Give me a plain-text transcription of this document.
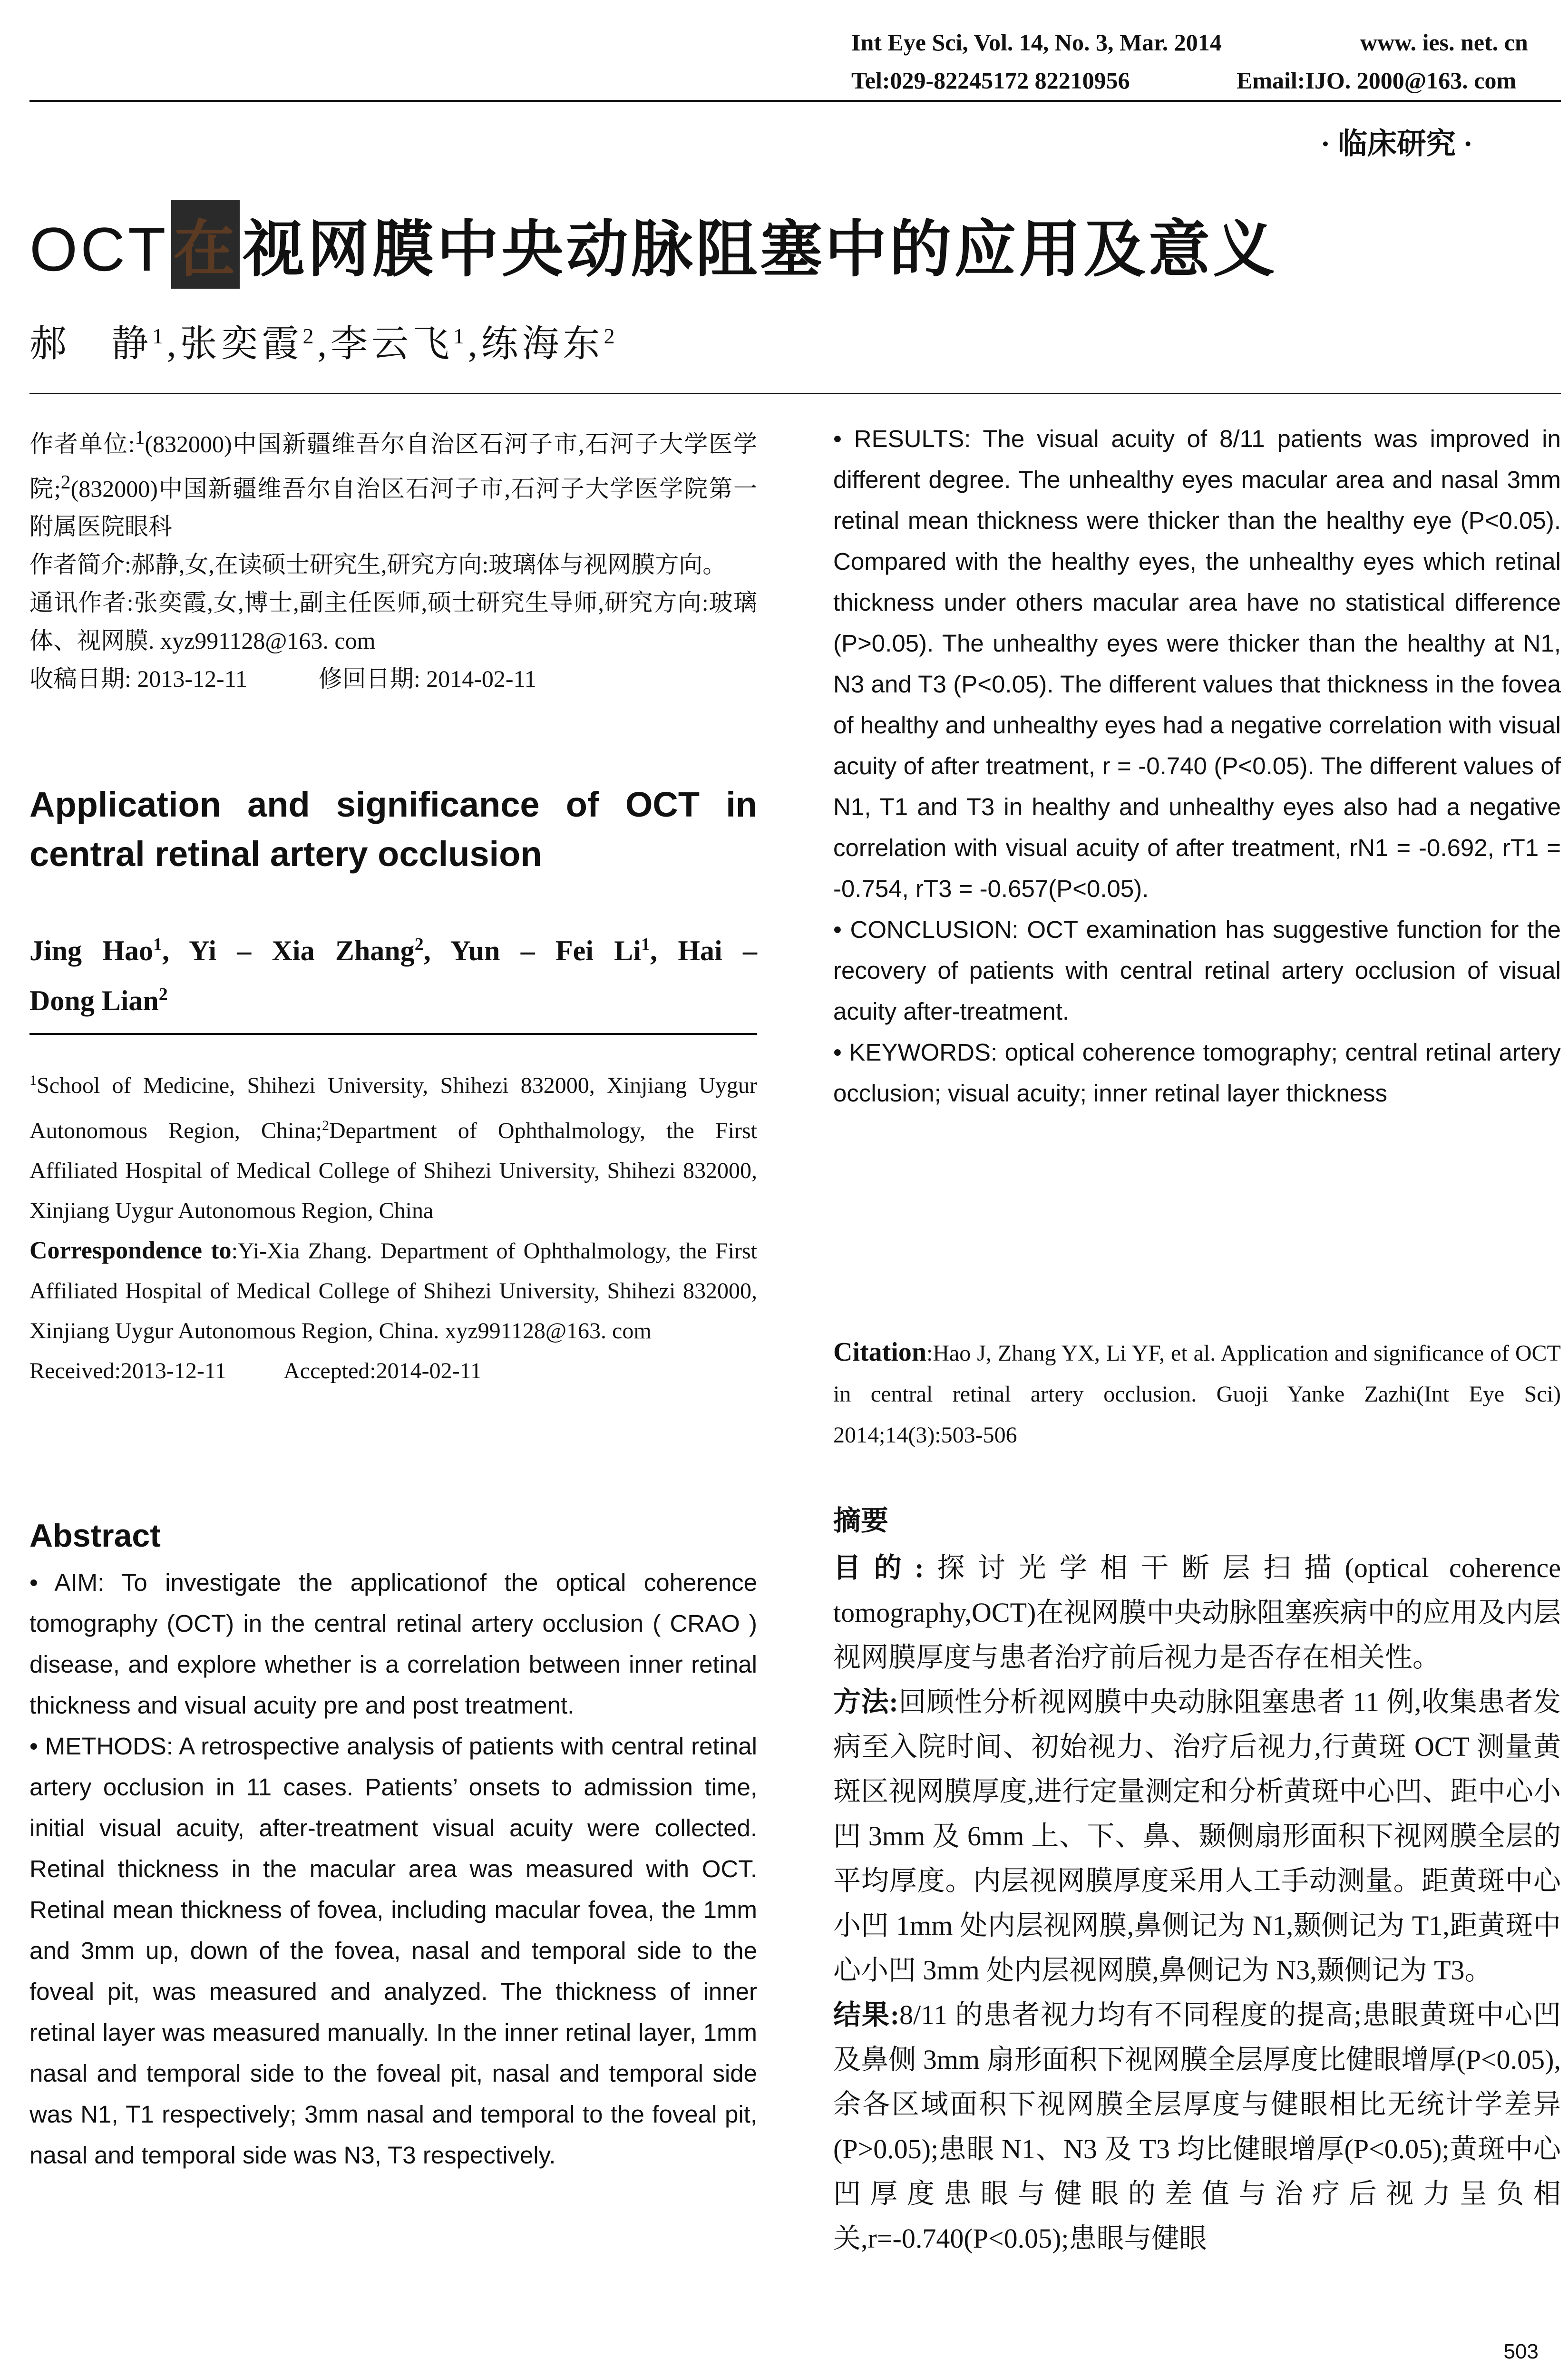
Int Eye Sci, Vol. 14, No. 3, Mar. 2014	www. ies. net. cn
Tel:029-82245172 82210956	Email:IJO. 2000@163. com
· 临床研究 ·
OCT在视网膜中央动脉阻塞中的应用及意义
郝　静$^1$,张奕霞$^2$,李云飞$^1$,练海东$^2$

作者单位:$^1$(832000)中国新疆维吾尔自治区石河子市,石河子大学医学院;$^2$(832000)中国新疆维吾尔自治区石河子市,石河子大学医学院第一附属医院眼科

作者简介:郝静,女,在读硕士研究生,研究方向:玻璃体与视网膜方向。

通讯作者:张奕霞,女,博士,副主任医师,硕士研究生导师,研究方向:玻璃体、视网膜. xyz991128@163. com

收稿日期: 2013-12-11	修回日期: 2014-02-11

Application and significance of OCT in
central retinal artery occlusion
Jing Hao$^1$, Yi – Xia Zhang$^2$, Yun – Fei Li$^1$, Hai –
Dong Lian$^2$
$^1$School of Medicine, Shihezi University, Shihezi 832000, Xinjiang Uygur Autonomous Region, China;$^2$Department of Ophthalmology, the First Affiliated Hospital of Medical College of Shihezi University, Shihezi 832000, Xinjiang Uygur Autonomous Region, China
Correspondence to:Yi-Xia Zhang. Department of Ophthalmology, the First Affiliated Hospital of Medical College of Shihezi University, Shihezi 832000, Xinjiang Uygur Autonomous Region, China. xyz991128@163. com
Received:2013-12-11	Accepted:2014-02-11
Abstract

• AIM: To investigate the applicationof the optical coherence tomography (OCT) in the central retinal artery occlusion ( CRAO ) disease, and explore whether is a correlation between inner retinal thickness and visual acuity pre and post treatment.

• METHODS: A retrospective analysis of patients with central retinal artery occlusion in 11 cases. Patients’ onsets to admission time, initial visual acuity, after-treatment visual acuity were collected. Retinal thickness in the macular area was measured with OCT. Retinal mean thickness of fovea, including macular fovea, the 1mm and 3mm up, down of the fovea, nasal and temporal side to the foveal pit, was measured and analyzed. The thickness of inner retinal layer was measured manually. In the inner retinal layer, 1mm nasal and temporal side to the foveal pit, nasal and temporal side was N1, T1 respectively; 3mm nasal and temporal to the foveal pit, nasal and temporal side was N3, T3 respectively.

• RESULTS: The visual acuity of 8/11 patients was improved in different degree. The unhealthy eyes macular area and nasal 3mm retinal mean thickness were thicker than the healthy eye (P<0.05). Compared with the healthy eyes, the unhealthy eyes which retinal thickness under others macular area have no statistical difference (P>0.05). The unhealthy eyes were thicker than the healthy at N1, N3 and T3 (P<0.05). The different values that thickness in the fovea of healthy and unhealthy eyes had a negative correlation with visual acuity of after treatment, r = -0.740 (P<0.05). The different values of N1, T1 and T3 in healthy and unhealthy eyes also had a negative correlation with visual acuity of after treatment, rN1 = -0.692, rT1 = -0.754, rT3 = -0.657(P<0.05).

• CONCLUSION: OCT examination has suggestive function for the recovery of patients with central retinal artery occlusion of visual acuity after-treatment.

• KEYWORDS: optical coherence tomography; central retinal artery occlusion; visual acuity; inner retinal layer thickness

Citation:Hao J, Zhang YX, Li YF, et al. Application and significance of OCT in central retinal artery occlusion. Guoji Yanke Zazhi(Int Eye Sci) 2014;14(3):503-506
摘要

目的:探讨光学相干断层扫描(optical coherence tomography,OCT)在视网膜中央动脉阻塞疾病中的应用及内层视网膜厚度与患者治疗前后视力是否存在相关性。

方法:回顾性分析视网膜中央动脉阻塞患者 11 例,收集患者发病至入院时间、初始视力、治疗后视力,行黄斑 OCT 测量黄斑区视网膜厚度,进行定量测定和分析黄斑中心凹、距中心小凹 3mm 及 6mm 上、下、鼻、颞侧扇形面积下视网膜全层的平均厚度。内层视网膜厚度采用人工手动测量。距黄斑中心小凹 1mm 处内层视网膜,鼻侧记为 N1,颞侧记为 T1,距黄斑中心小凹 3mm 处内层视网膜,鼻侧记为 N3,颞侧记为 T3。

结果:8/11 的患者视力均有不同程度的提高;患眼黄斑中心凹及鼻侧 3mm 扇形面积下视网膜全层厚度比健眼增厚(P<0.05),余各区域面积下视网膜全层厚度与健眼相比无统计学差异(P>0.05);患眼 N1、N3 及 T3 均比健眼增厚(P<0.05);黄斑中心凹厚度患眼与健眼的差值与治疗后视力呈负相关,r=-0.740(P<0.05);患眼与健眼

503
